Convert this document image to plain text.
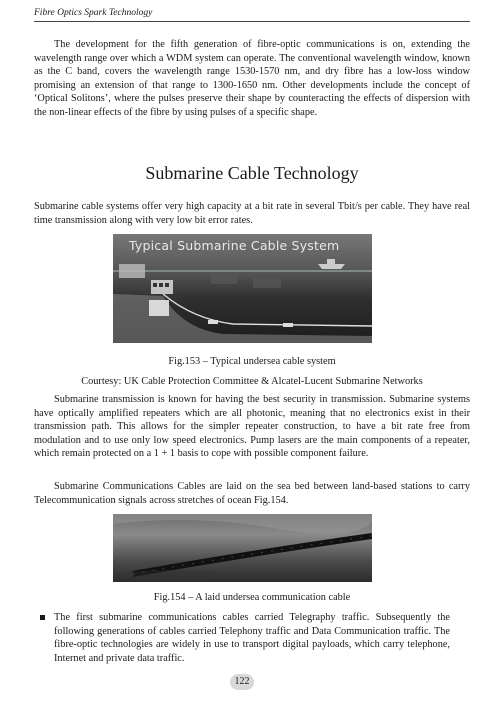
Fibre Optics Spark Technology

The development for the fifth generation of fibre-optic communications is on, extending the wavelength range over which a WDM system can operate. The conventional wavelength window, known as the C band, covers the wavelength range 1530-1570 nm, and dry fibre has a low-loss window promising an extension of that range to 1300-1650 nm. Other developments include the concept of ‘Optical Solitons’, where the pulses preserve their shape by counteracting the effects of dispersion with the non-linear effects of the fibre by using pulses of a specific shape.

Submarine Cable Technology

Submarine cable systems offer very high capacity at a bit rate in several Tbit/s per cable. They have real time transmission along with very low bit error rates.

Typical Submarine Cable System
Fig.153 – Typical undersea cable system
Courtesy: UK Cable Protection Committee & Alcatel-Lucent Submarine Networks

Submarine transmission is known for having the best security in transmission. Submarine systems have optically amplified repeaters which are all photonic, meaning that no electronics exist in their transmission path. This allows for the simpler repeater construction, to have a bit rate free from modulation and to use only low speed electronics. Pump lasers are the main components of a repeater, which remain protected on a 1 + 1 basis to cope with possible component failure.

Submarine Communications Cables are laid on the sea bed between land-based stations to carry Telecommunication signals across stretches of ocean Fig.154.

Fig.154 – A laid undersea communication cable
The first submarine communications cables carried Telegraphy traffic. Subsequently the following generations of cables carried Telephony traffic and Data Communication traffic. The fibre-optic technologies are widely in use to transport digital payloads, which carry telephone, Internet and private data traffic.
122
